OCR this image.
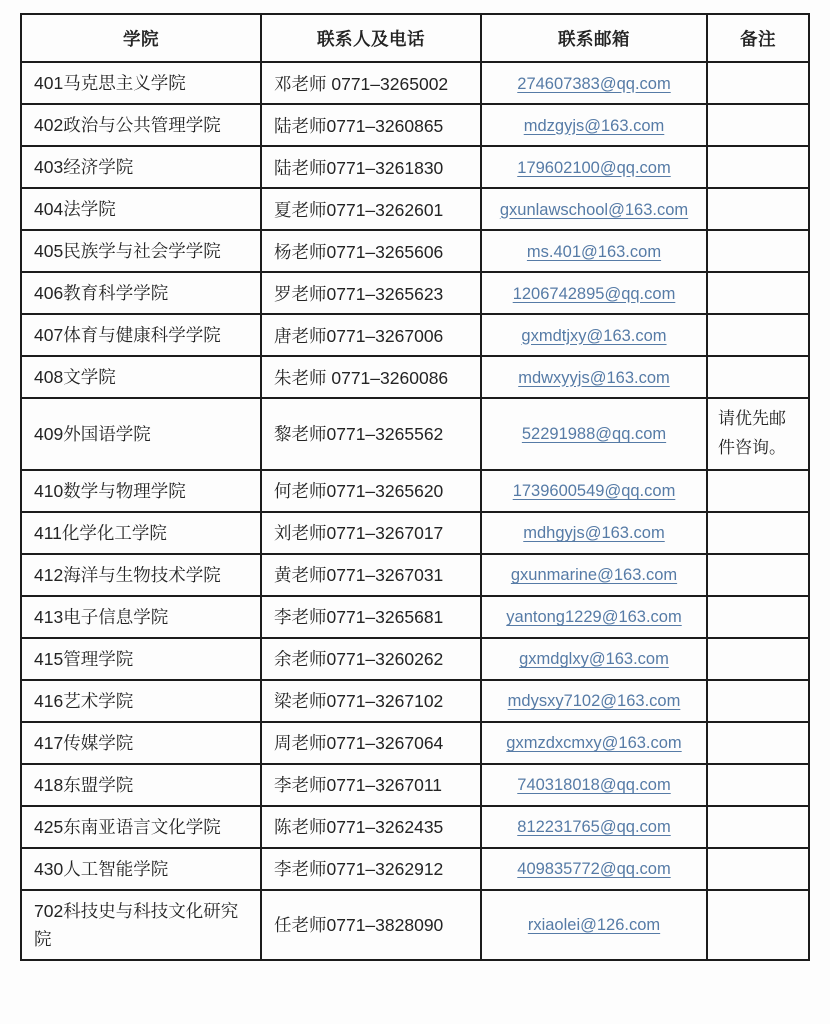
学院	联系人及电话	联系邮箱	备注
401马克思主义学院	邓老师 0771–3265002	274607383@qq.com	
402政治与公共管理学院	陆老师0771–3260865	mdzgyjs@163.com	
403经济学院	陆老师0771–3261830	179602100@qq.com	
404法学院	夏老师0771–3262601	gxunlawschool@163.com	
405民族学与社会学学院	杨老师0771–3265606	ms.401@163.com	
406教育科学学院	罗老师0771–3265623	1206742895@qq.com	
407体育与健康科学学院	唐老师0771–3267006	gxmdtjxy@163.com	
408文学院	朱老师 0771–3260086	mdwxyyjs@163.com	
409外国语学院	黎老师0771–3265562	52291988@qq.com	请优先邮件咨询。
410数学与物理学院	何老师0771–3265620	1739600549@qq.com	
411化学化工学院	刘老师0771–3267017	mdhgyjs@163.com	
412海洋与生物技术学院	黄老师0771–3267031	gxunmarine@163.com	
413电子信息学院	李老师0771–3265681	yantong1229@163.com	
415管理学院	余老师0771–3260262	gxmdglxy@163.com	
416艺术学院	梁老师0771–3267102	mdysxy7102@163.com	
417传媒学院	周老师0771–3267064	gxmzdxcmxy@163.com	
418东盟学院	李老师0771–3267011	740318018@qq.com	
425东南亚语言文化学院	陈老师0771–3262435	812231765@qq.com	
430人工智能学院	李老师0771–3262912	409835772@qq.com	
702科技史与科技文化研究院	任老师0771–3828090	rxiaolei@126.com	
